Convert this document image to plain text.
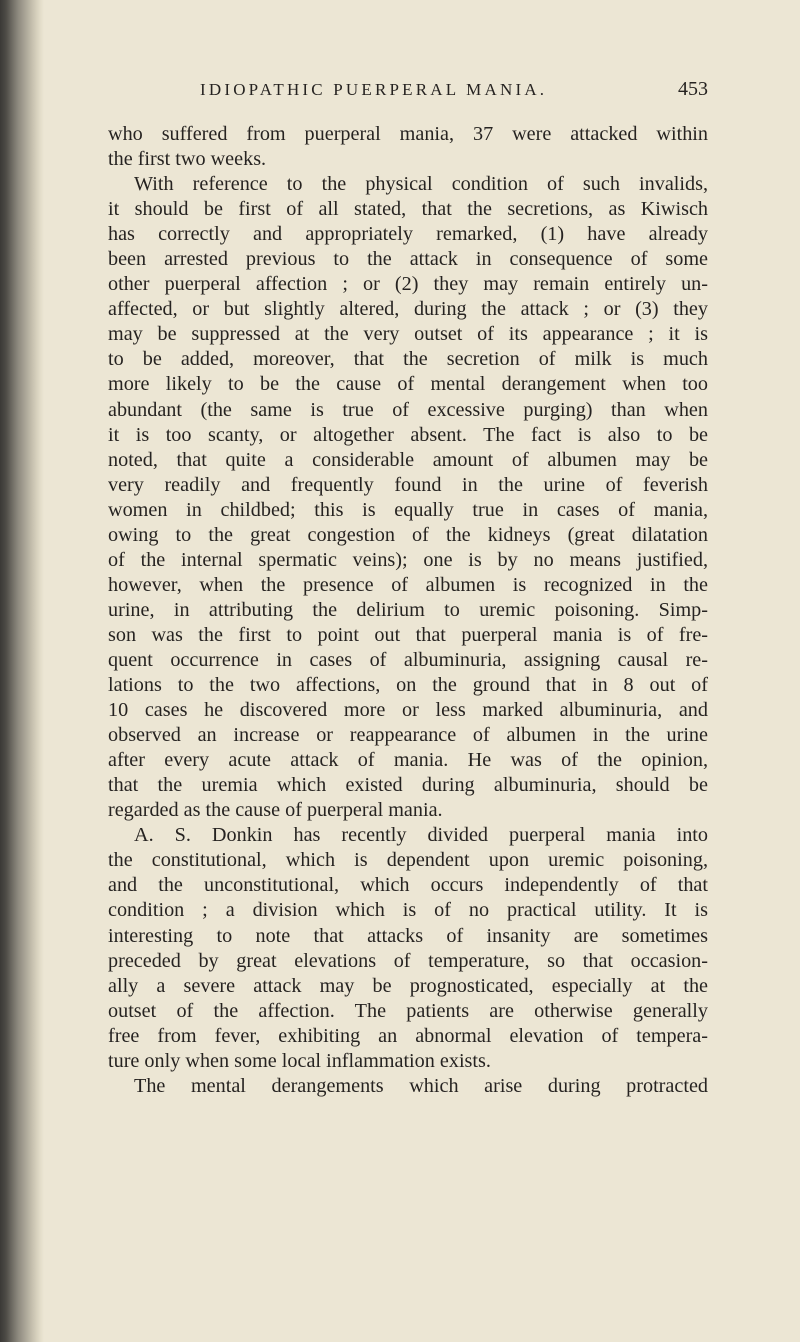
IDIOPATHIC PUERPERAL MANIA.	453
who suffered from puerperal mania, 37 were attacked within
the first two weeks.
With reference to the physical condition of such invalids,
it should be first of all stated, that the secretions, as Kiwisch
has correctly and appropriately remarked, (1) have already
been arrested previous to the attack in consequence of some
other puerperal affection ; or (2) they may remain entirely un-
affected, or but slightly altered, during the attack ; or (3) they
may be suppressed at the very outset of its appearance ; it is
to be added, moreover, that the secretion of milk is much
more likely to be the cause of mental derangement when too
abundant (the same is true of excessive purging) than when
it is too scanty, or altogether absent. The fact is also to be
noted, that quite a considerable amount of albumen may be
very readily and frequently found in the urine of feverish
women in childbed; this is equally true in cases of mania,
owing to the great congestion of the kidneys (great dilatation
of the internal spermatic veins); one is by no means justified,
however, when the presence of albumen is recognized in the
urine, in attributing the delirium to uremic poisoning. Simp-
son was the first to point out that puerperal mania is of fre-
quent occurrence in cases of albuminuria, assigning causal re-
lations to the two affections, on the ground that in 8 out of
10 cases he discovered more or less marked albuminuria, and
observed an increase or reappearance of albumen in the urine
after every acute attack of mania. He was of the opinion,
that the uremia which existed during albuminuria, should be
regarded as the cause of puerperal mania.
A. S. Donkin has recently divided puerperal mania into
the constitutional, which is dependent upon uremic poisoning,
and the unconstitutional, which occurs independently of that
condition ; a division which is of no practical utility. It is
interesting to note that attacks of insanity are sometimes
preceded by great elevations of temperature, so that occasion-
ally a severe attack may be prognosticated, especially at the
outset of the affection. The patients are otherwise generally
free from fever, exhibiting an abnormal elevation of tempera-
ture only when some local inflammation exists.
The mental derangements which arise during protracted
